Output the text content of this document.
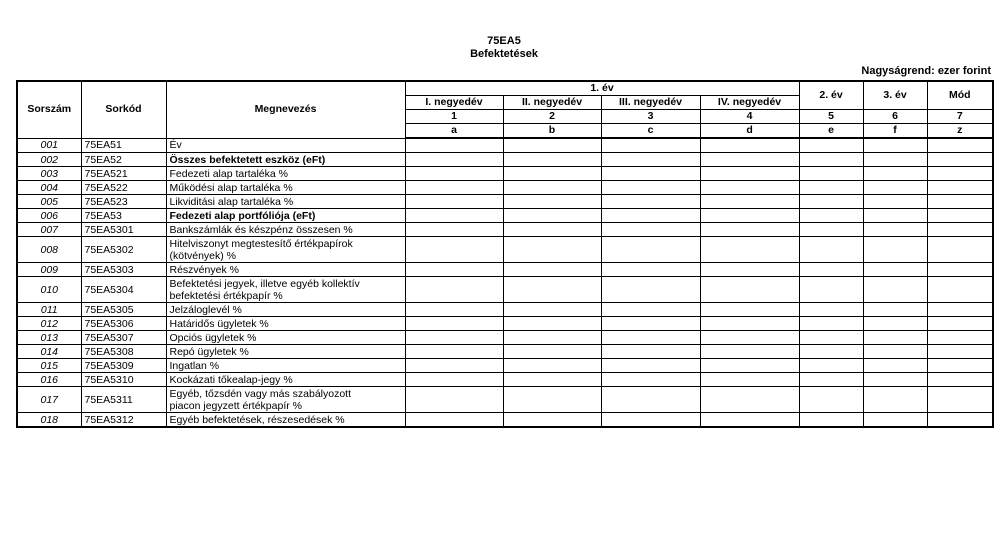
75EA5
Befektetések
Nagyságrend: ezer forint
Sorszám	Sorkód	Megnevezés	1. év				2. év	3. év	Mód
			I. negyedév	II. negyedév	III. negyedév	IV. negyedév			
			1	2	3	4	5	6	7
			a	b	c	d	e	f	z
001	75EA51	Év							
002	75EA52	Összes befektetett eszköz (eFt)							
003	75EA521	Fedezeti alap tartaléka %							
004	75EA522	Működési alap tartaléka %							
005	75EA523	Likviditási alap tartaléka %							
006	75EA53	Fedezeti alap portfóliója (eFt)							
007	75EA5301	Bankszámlák és készpénz összesen %							
008	75EA5302	Hitelviszonyt megtestesítő értékpapírok
(kötvények) %							
009	75EA5303	Részvények %							
010	75EA5304	Befektetési jegyek, illetve egyéb kollektív
befektetési értékpapír %							
011	75EA5305	Jelzáloglevél %							
012	75EA5306	Határidős ügyletek %							
013	75EA5307	Opciós ügyletek %							
014	75EA5308	Repó ügyletek %							
015	75EA5309	Ingatlan %							
016	75EA5310	Kockázati tőkealap-jegy %							
017	75EA5311	Egyéb, tőzsdén vagy más szabályozott
piacon jegyzett értékpapír %							
018	75EA5312	Egyéb befektetések, részesedések %							
